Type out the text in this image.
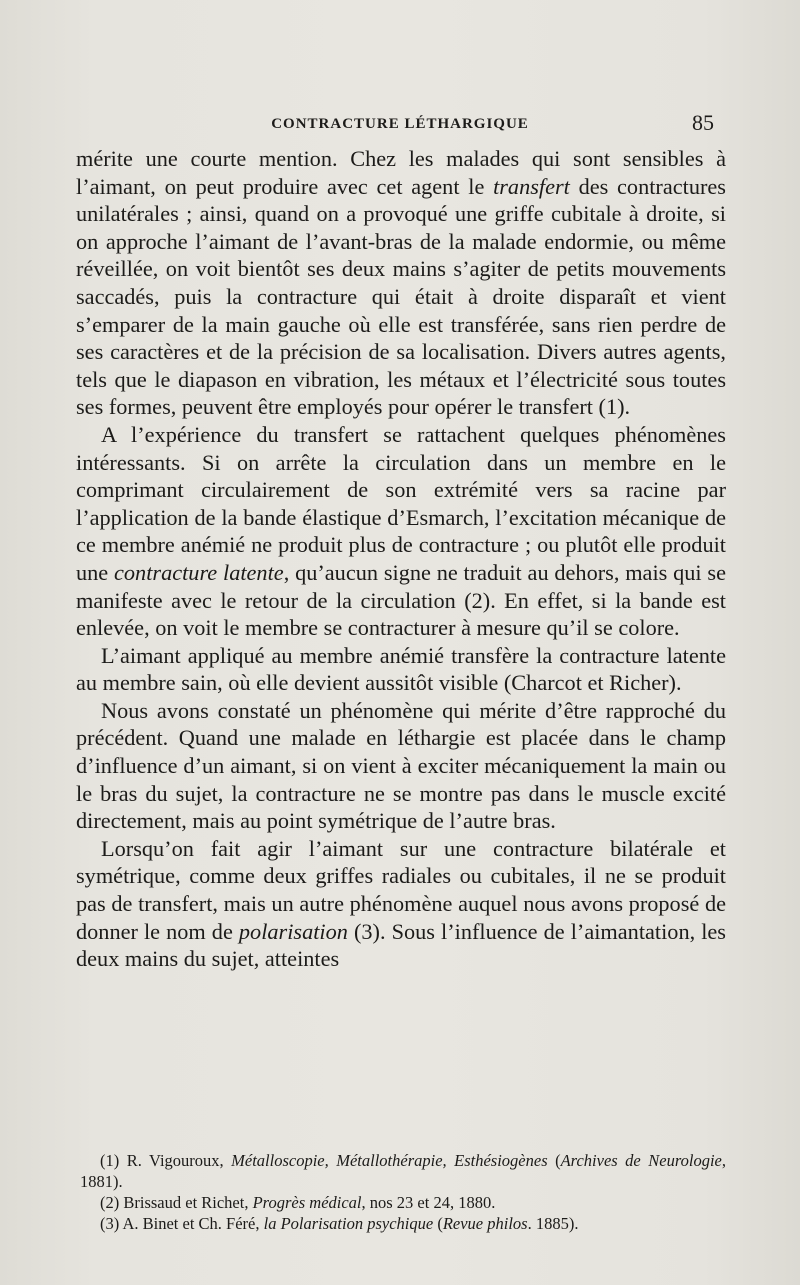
CONTRACTURE LÉTHARGIQUE	85

mérite une courte mention. Chez les malades qui sont sensibles à l’aimant, on peut produire avec cet agent le transfert des contractures unilatérales ; ainsi, quand on a provoqué une griffe cubitale à droite, si on approche l’aimant de l’avant-bras de la malade endormie, ou même réveillée, on voit bientôt ses deux mains s’agiter de petits mouvements saccadés, puis la contracture qui était à droite disparaît et vient s’emparer de la main gauche où elle est transférée, sans rien perdre de ses caractères et de la précision de sa localisation. Divers autres agents, tels que le diapason en vibration, les métaux et l’électricité sous toutes ses formes, peuvent être employés pour opérer le transfert (1).

A l’expérience du transfert se rattachent quelques phénomènes intéressants. Si on arrête la circulation dans un membre en le comprimant circulairement de son extrémité vers sa racine par l’application de la bande élastique d’Esmarch, l’excitation mécanique de ce membre anémié ne produit plus de contracture ; ou plutôt elle produit une contracture latente, qu’aucun signe ne traduit au dehors, mais qui se manifeste avec le retour de la circulation (2). En effet, si la bande est enlevée, on voit le membre se contracturer à mesure qu’il se colore.

L’aimant appliqué au membre anémié transfère la contracture latente au membre sain, où elle devient aussitôt visible (Charcot et Richer).

Nous avons constaté un phénomène qui mérite d’être rapproché du précédent. Quand une malade en léthargie est placée dans le champ d’influence d’un aimant, si on vient à exciter mécaniquement la main ou le bras du sujet, la contracture ne se montre pas dans le muscle excité directement, mais au point symétrique de l’autre bras.

Lorsqu’on fait agir l’aimant sur une contracture bilatérale et symétrique, comme deux griffes radiales ou cubitales, il ne se produit pas de transfert, mais un autre phénomène auquel nous avons proposé de donner le nom de polarisation (3). Sous l’influence de l’aimantation, les deux mains du sujet, atteintes

(1) R. Vigouroux, Métalloscopie, Métallothérapie, Esthésiogènes (Archives de Neurologie, 1881).

(2) Brissaud et Richet, Progrès médical, nos 23 et 24, 1880.

(3) A. Binet et Ch. Féré, la Polarisation psychique (Revue philos. 1885).
